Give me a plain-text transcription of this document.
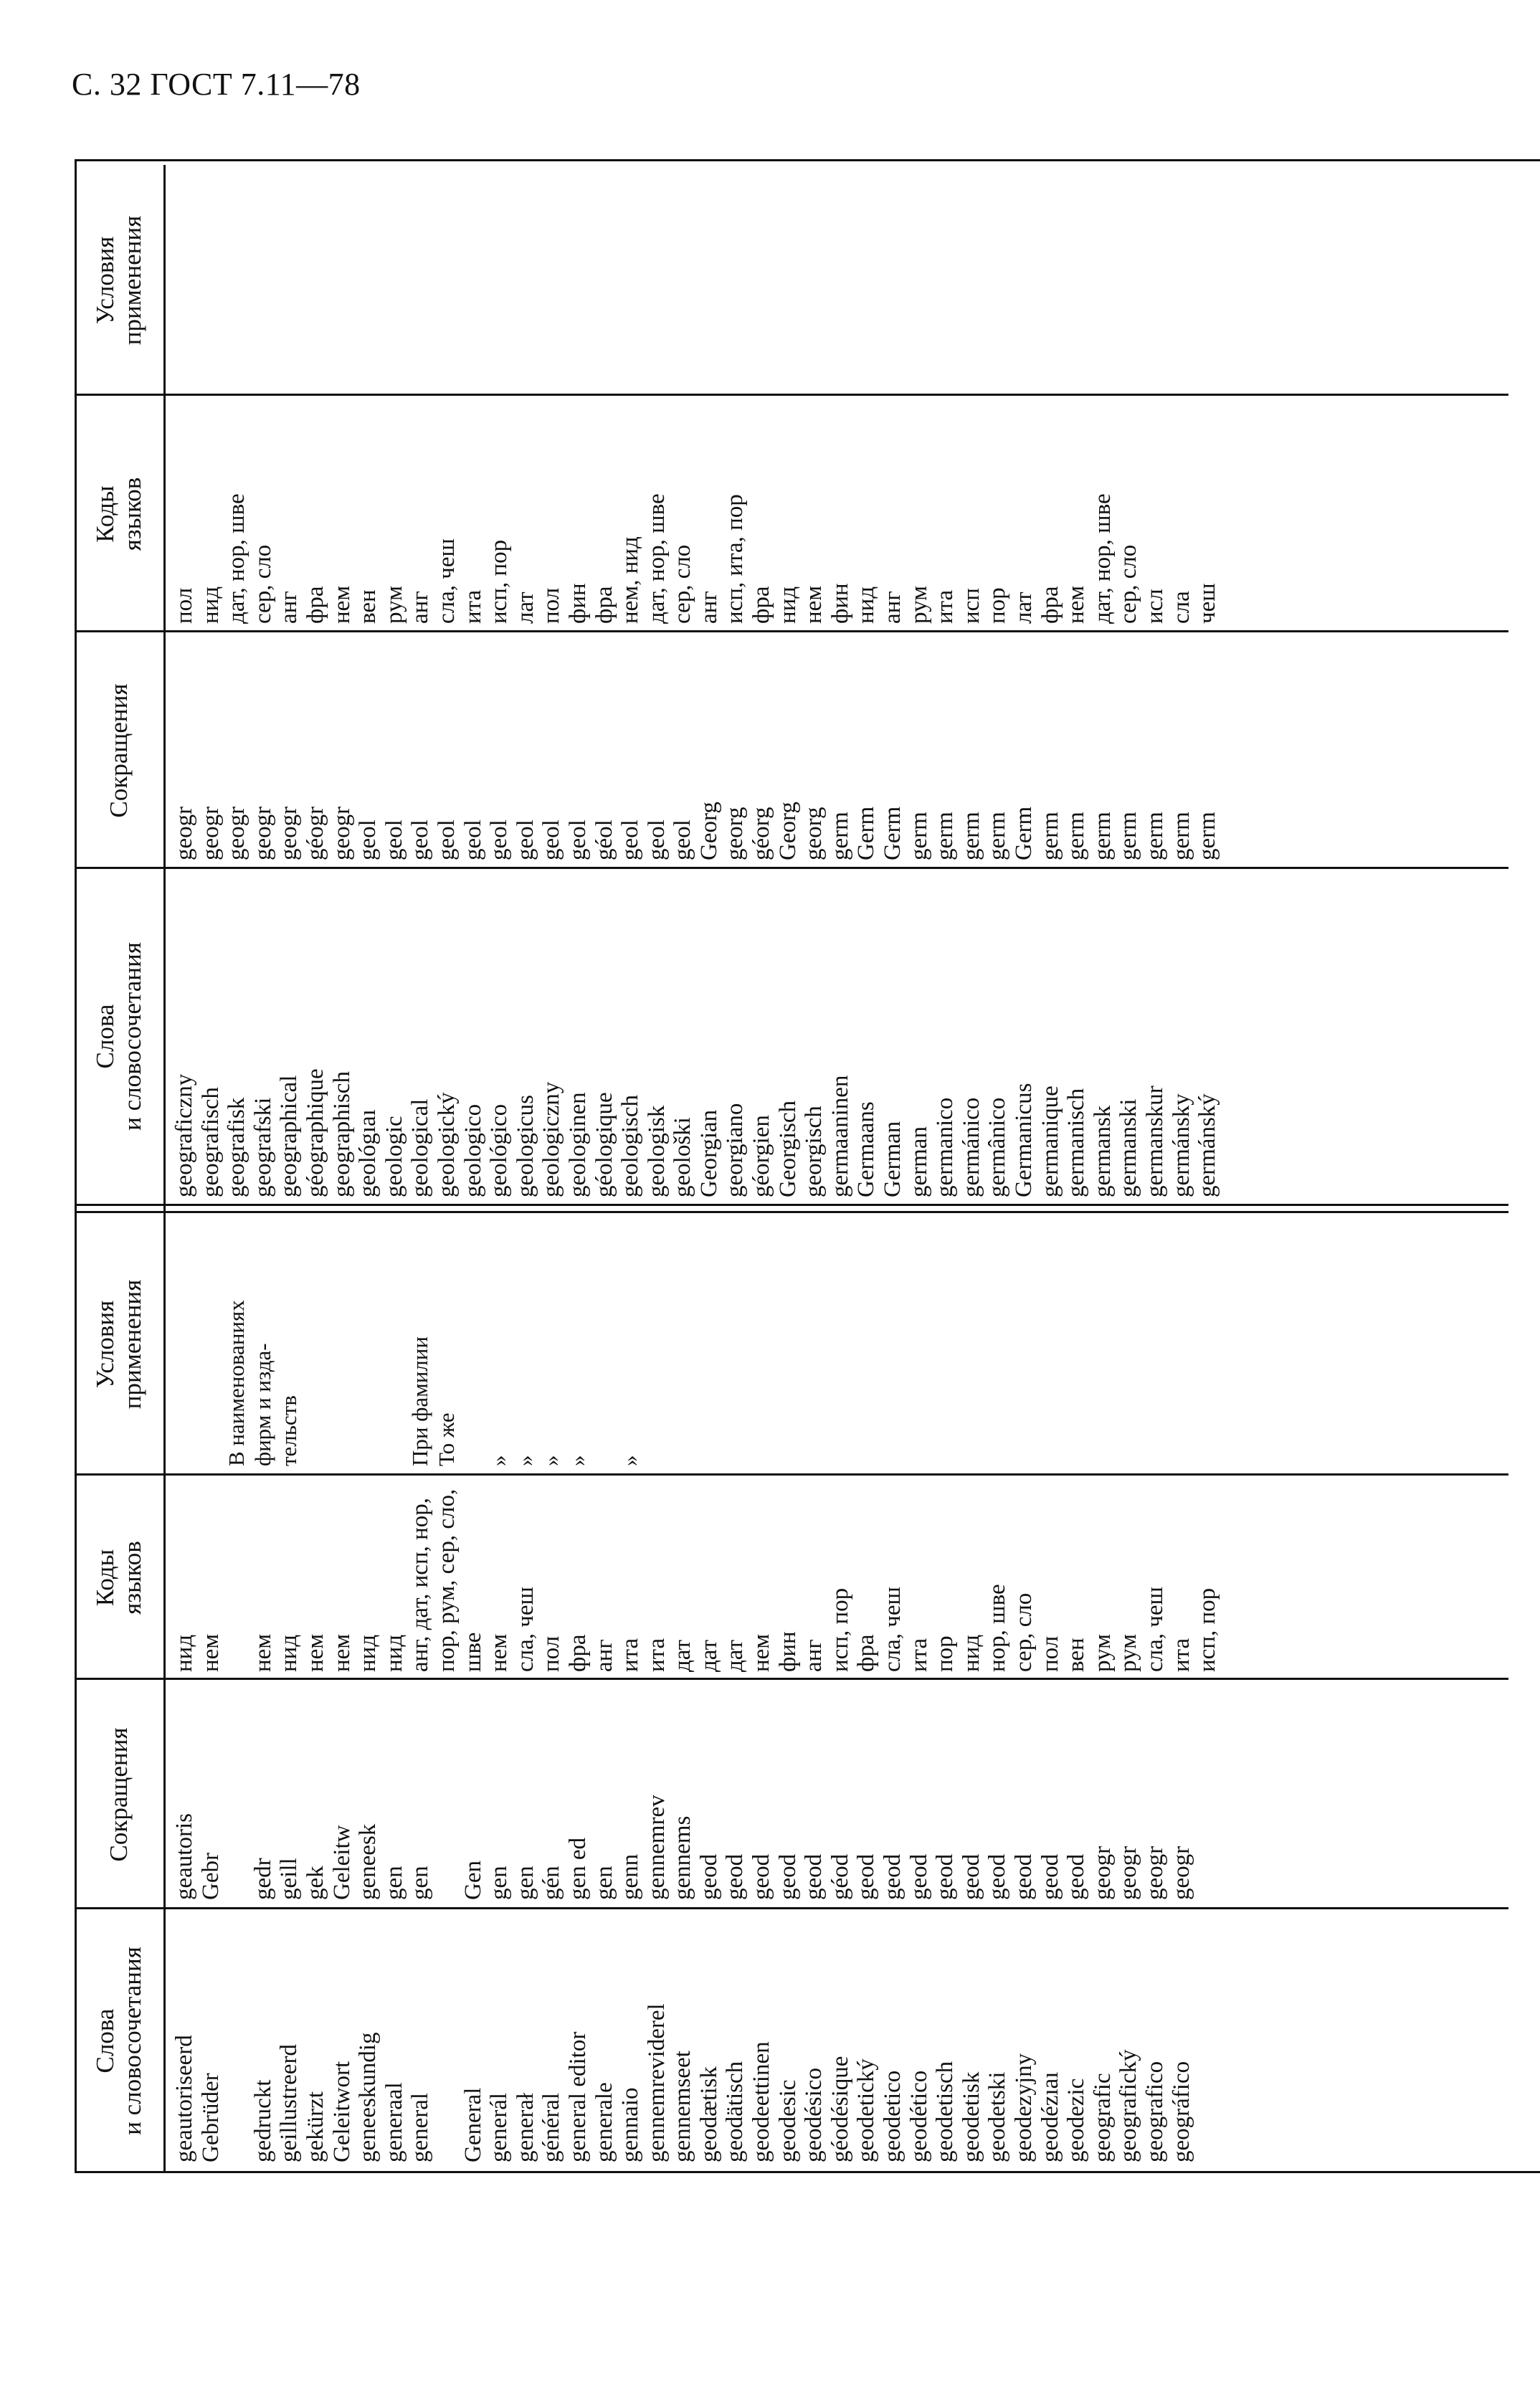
С. 32 ГОСТ 7.11—78
Слова
и словосочетания
Сокращения
Коды
языков
Условия
применения
Слова
и словосочетания
Сокращения
Коды
языков
Условия
применения
geautoriseerd Gebrüder gedruckt geillustreerd gekürzt Geleitwort geneeskundig generaal general General generál generał général general editor generale gennaio gennemreviderel gennemseet geodætisk geodätisch geodeettinen geodesic geodésico géodésique geodetický geodetico geodético geodetisch geodetisk geodetski geodezyjny geodézıaı geodezic geografic geografický geografico geográfico
geautoris Gebr gedr geill gek Geleitw geneesk gen gen Gen gen gen gén gen ed gen genn gennemrev gennems geod geod geod geod geod géod geod geod geod geod geod geod geod geod geod geogr geogr geogr geogr
нид нем нем нид нем нем нид нид анг, дат, исп, нор, пор, рум, сер, сло, шве нем сла, чеш пол фра анг ита ита дат дат дат нем фин анг исп, пор фра сла, чеш ита пор нид нор, шве сер, сло пол вен рум рум сла, чеш ита исп, пор
В наименованиях фирм и изда- тельств	При фамилии То же » » » » »
geograficzny geografisch geografisk geografski geographical géographique geographisch geológıaı geologic geological geologický geologico geológico geologicus geologiczny geologinen géologique geologisch geologisk geološki Georgian georgiano géorgien Georgisch georgisch germaaninen Germaans German german germanico germánico germânico Germanicus germanique germanisch germansk germanski germanskur germánsky germánský
geogr geogr geogr geogr geogr géogr geogr geol geol geol geol geol geol geol geol geol géol geol geol geol Georg georg géorg Georg georg germ Germ Germ germ germ germ germ Germ germ germ germ germ germ germ germ
пол нид дат, нор, шве сер, сло анг фра нем вен рум анг сла, чеш ита исп, пор лат пол фин фра нем, нид дат, нор, шве сер, сло анг исп, ита, пор фра нид нем фин нид анг рум ита исп пор лат фра нем дат, нор, шве сер, сло исл сла чеш
